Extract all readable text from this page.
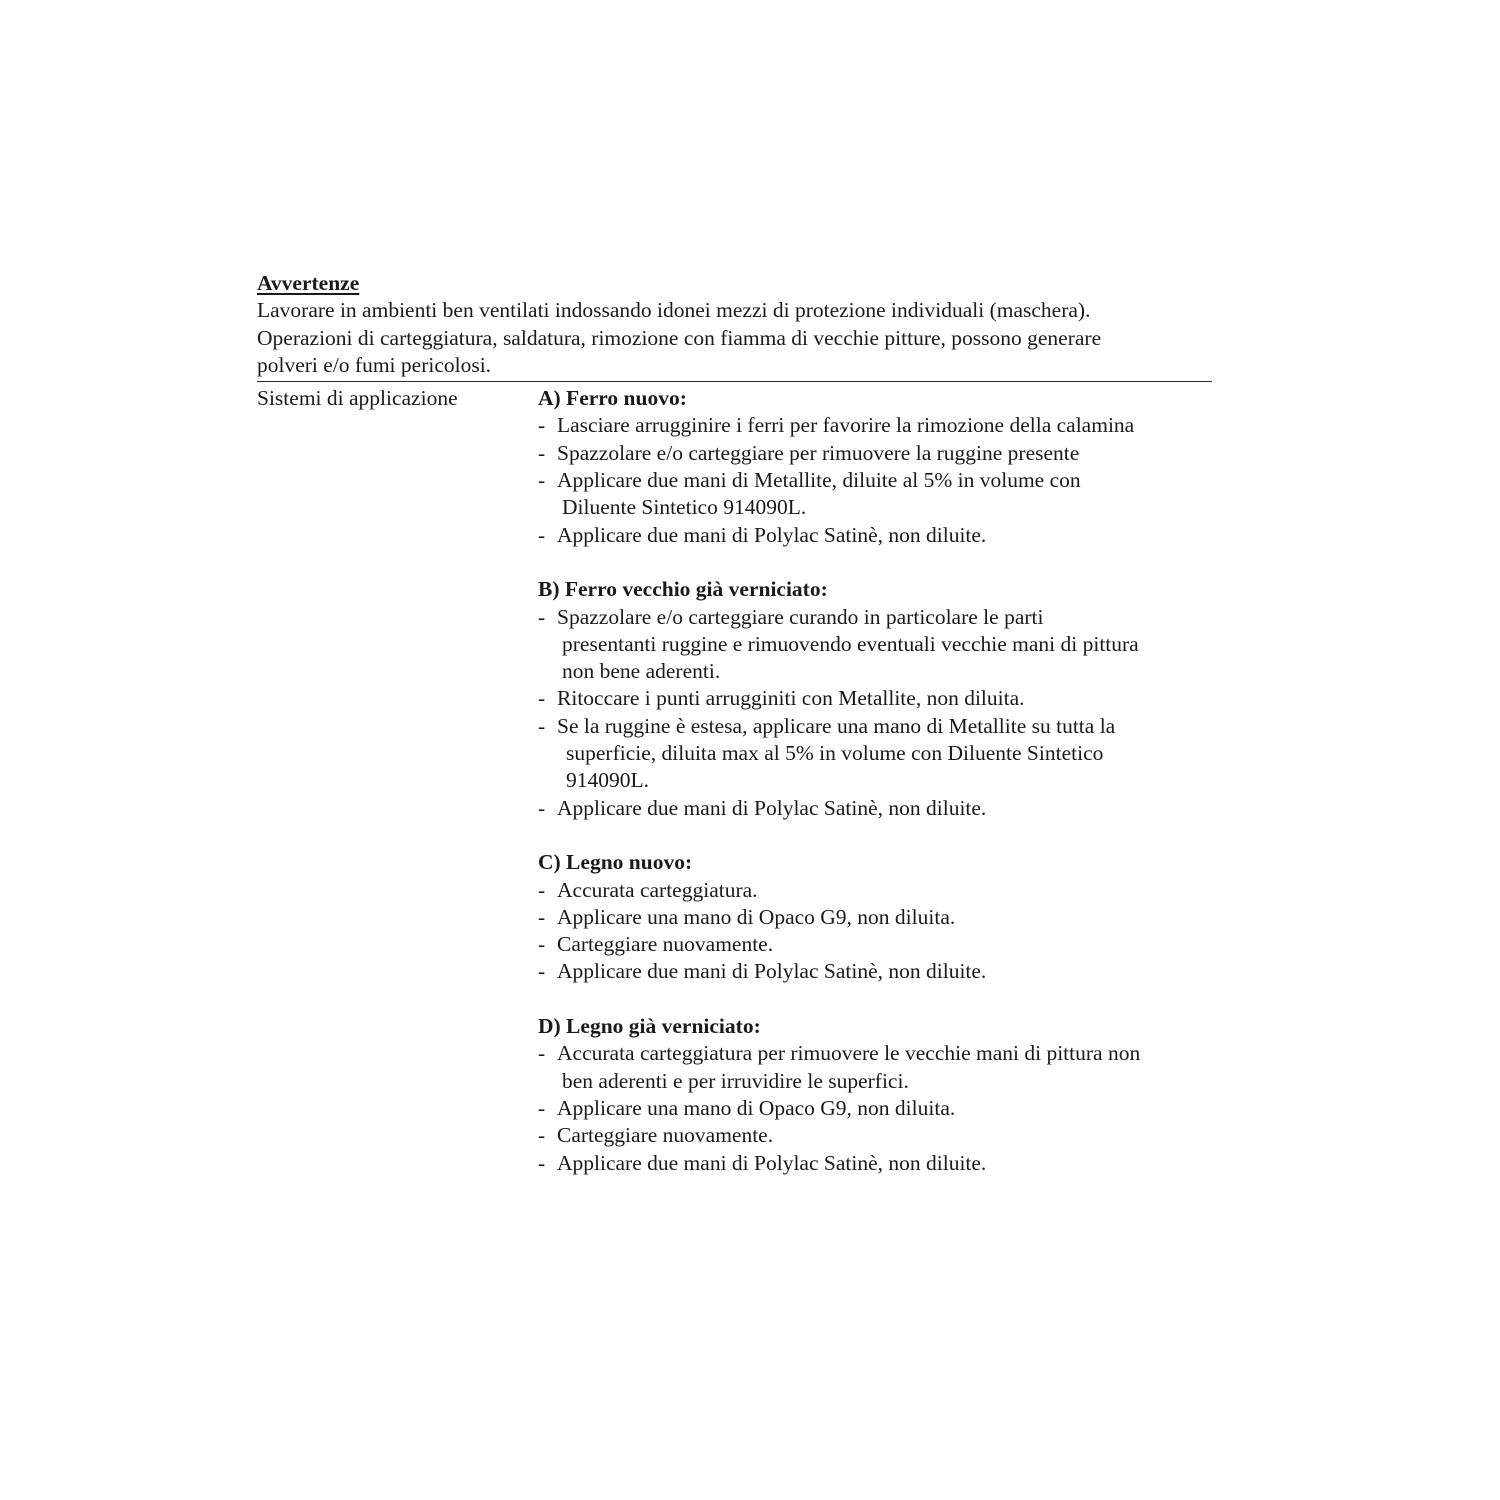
Avvertenze
Lavorare in ambienti ben ventilati indossando idonei mezzi di protezione individuali (maschera).
Operazioni di carteggiatura, saldatura, rimozione con fiamma di vecchie pitture, possono generare
polveri e/o fumi pericolosi.
Sistemi di applicazione	A) Ferro nuovo:
- Lasciare arrugginire i ferri per favorire la rimozione della calamina
- Spazzolare e/o carteggiare per rimuovere la ruggine presente
- Applicare due mani di Metallite, diluite al 5% in volume con
Diluente Sintetico 914090L.
- Applicare due mani di Polylac Satinè, non diluite.
B) Ferro vecchio già verniciato:
- Spazzolare e/o carteggiare curando in particolare le parti
presentanti ruggine e rimuovendo eventuali vecchie mani di pittura
non bene aderenti.
- Ritoccare i punti arrugginiti con Metallite, non diluita.
- Se la ruggine è estesa, applicare una mano di Metallite su tutta la
superficie, diluita max al 5% in volume con Diluente Sintetico
914090L.
- Applicare due mani di Polylac Satinè, non diluite.
C) Legno nuovo:
- Accurata carteggiatura.
- Applicare una mano di Opaco G9, non diluita.
- Carteggiare nuovamente.
- Applicare due mani di Polylac Satinè, non diluite.
D) Legno già verniciato:
- Accurata carteggiatura per rimuovere le vecchie mani di pittura non
ben aderenti e per irruvidire le superfici.
- Applicare una mano di Opaco G9, non diluita.
- Carteggiare nuovamente.
- Applicare due mani di Polylac Satinè, non diluite.
